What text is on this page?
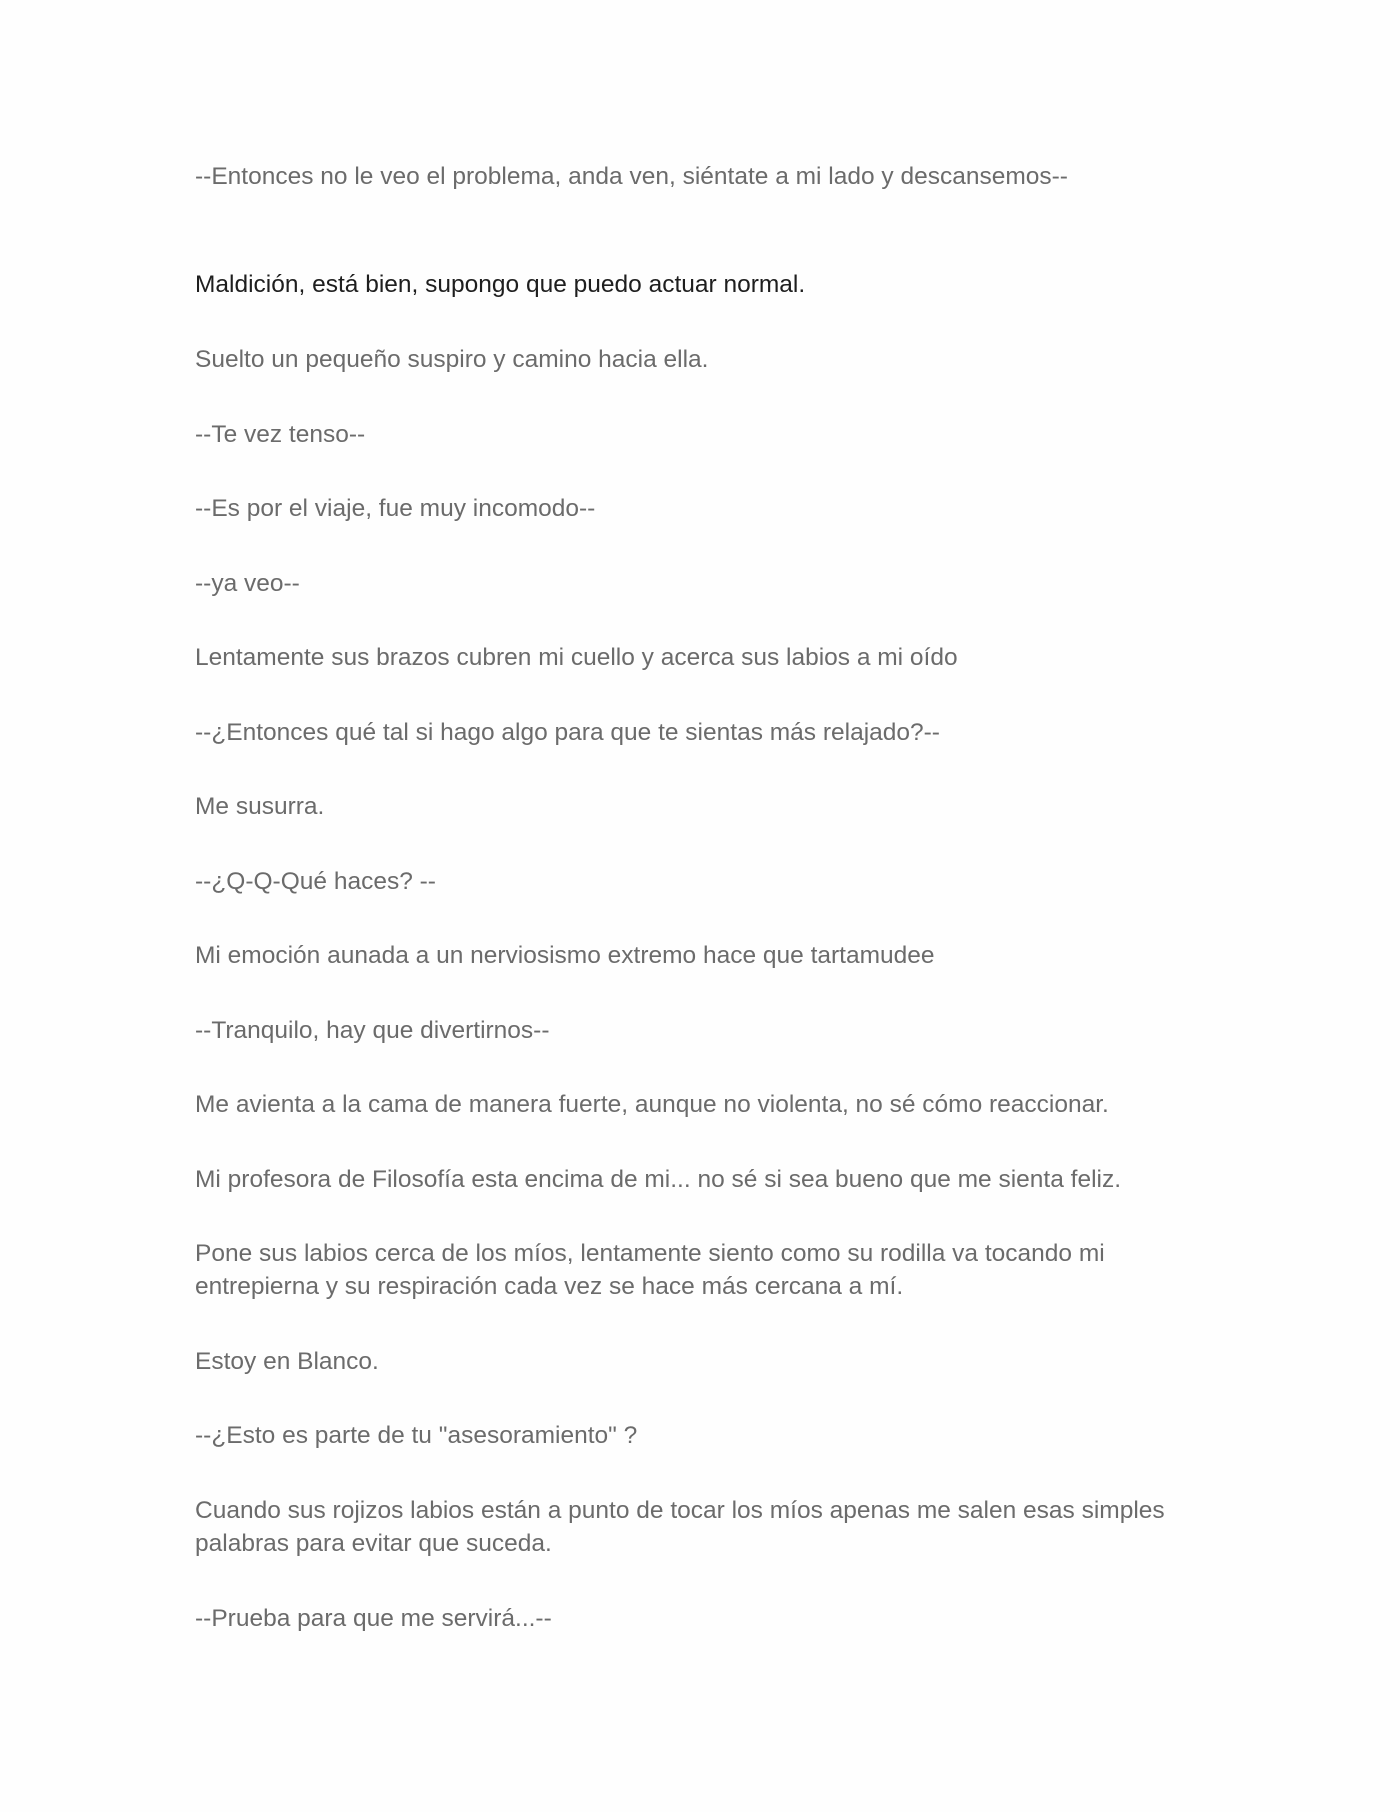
--Entonces no le veo el problema, anda ven, siéntate a mi lado y descansemos--

Maldición, está bien, supongo que puedo actuar normal.

Suelto un pequeño suspiro y camino hacia ella.

--Te vez tenso--

--Es por el viaje, fue muy incomodo--

--ya veo--

Lentamente sus brazos cubren mi cuello y acerca sus labios a mi oído

--¿Entonces qué tal si hago algo para que te sientas más relajado?--

Me susurra.

--¿Q-Q-Qué haces? --

Mi emoción aunada a un nerviosismo extremo hace que tartamudee

--Tranquilo, hay que divertirnos--

Me avienta a la cama de manera fuerte, aunque no violenta, no sé cómo reaccionar.

Mi profesora de Filosofía esta encima de mi... no sé si sea bueno que me sienta feliz.

Pone sus labios cerca de los míos, lentamente siento como su rodilla va tocando mi
entrepierna y su respiración cada vez se hace más cercana a mí.

Estoy en Blanco.

--¿Esto es parte de tu "asesoramiento" ?

Cuando sus rojizos labios están a punto de tocar los míos apenas me salen esas simples
palabras para evitar que suceda.

--Prueba para que me servirá...--
